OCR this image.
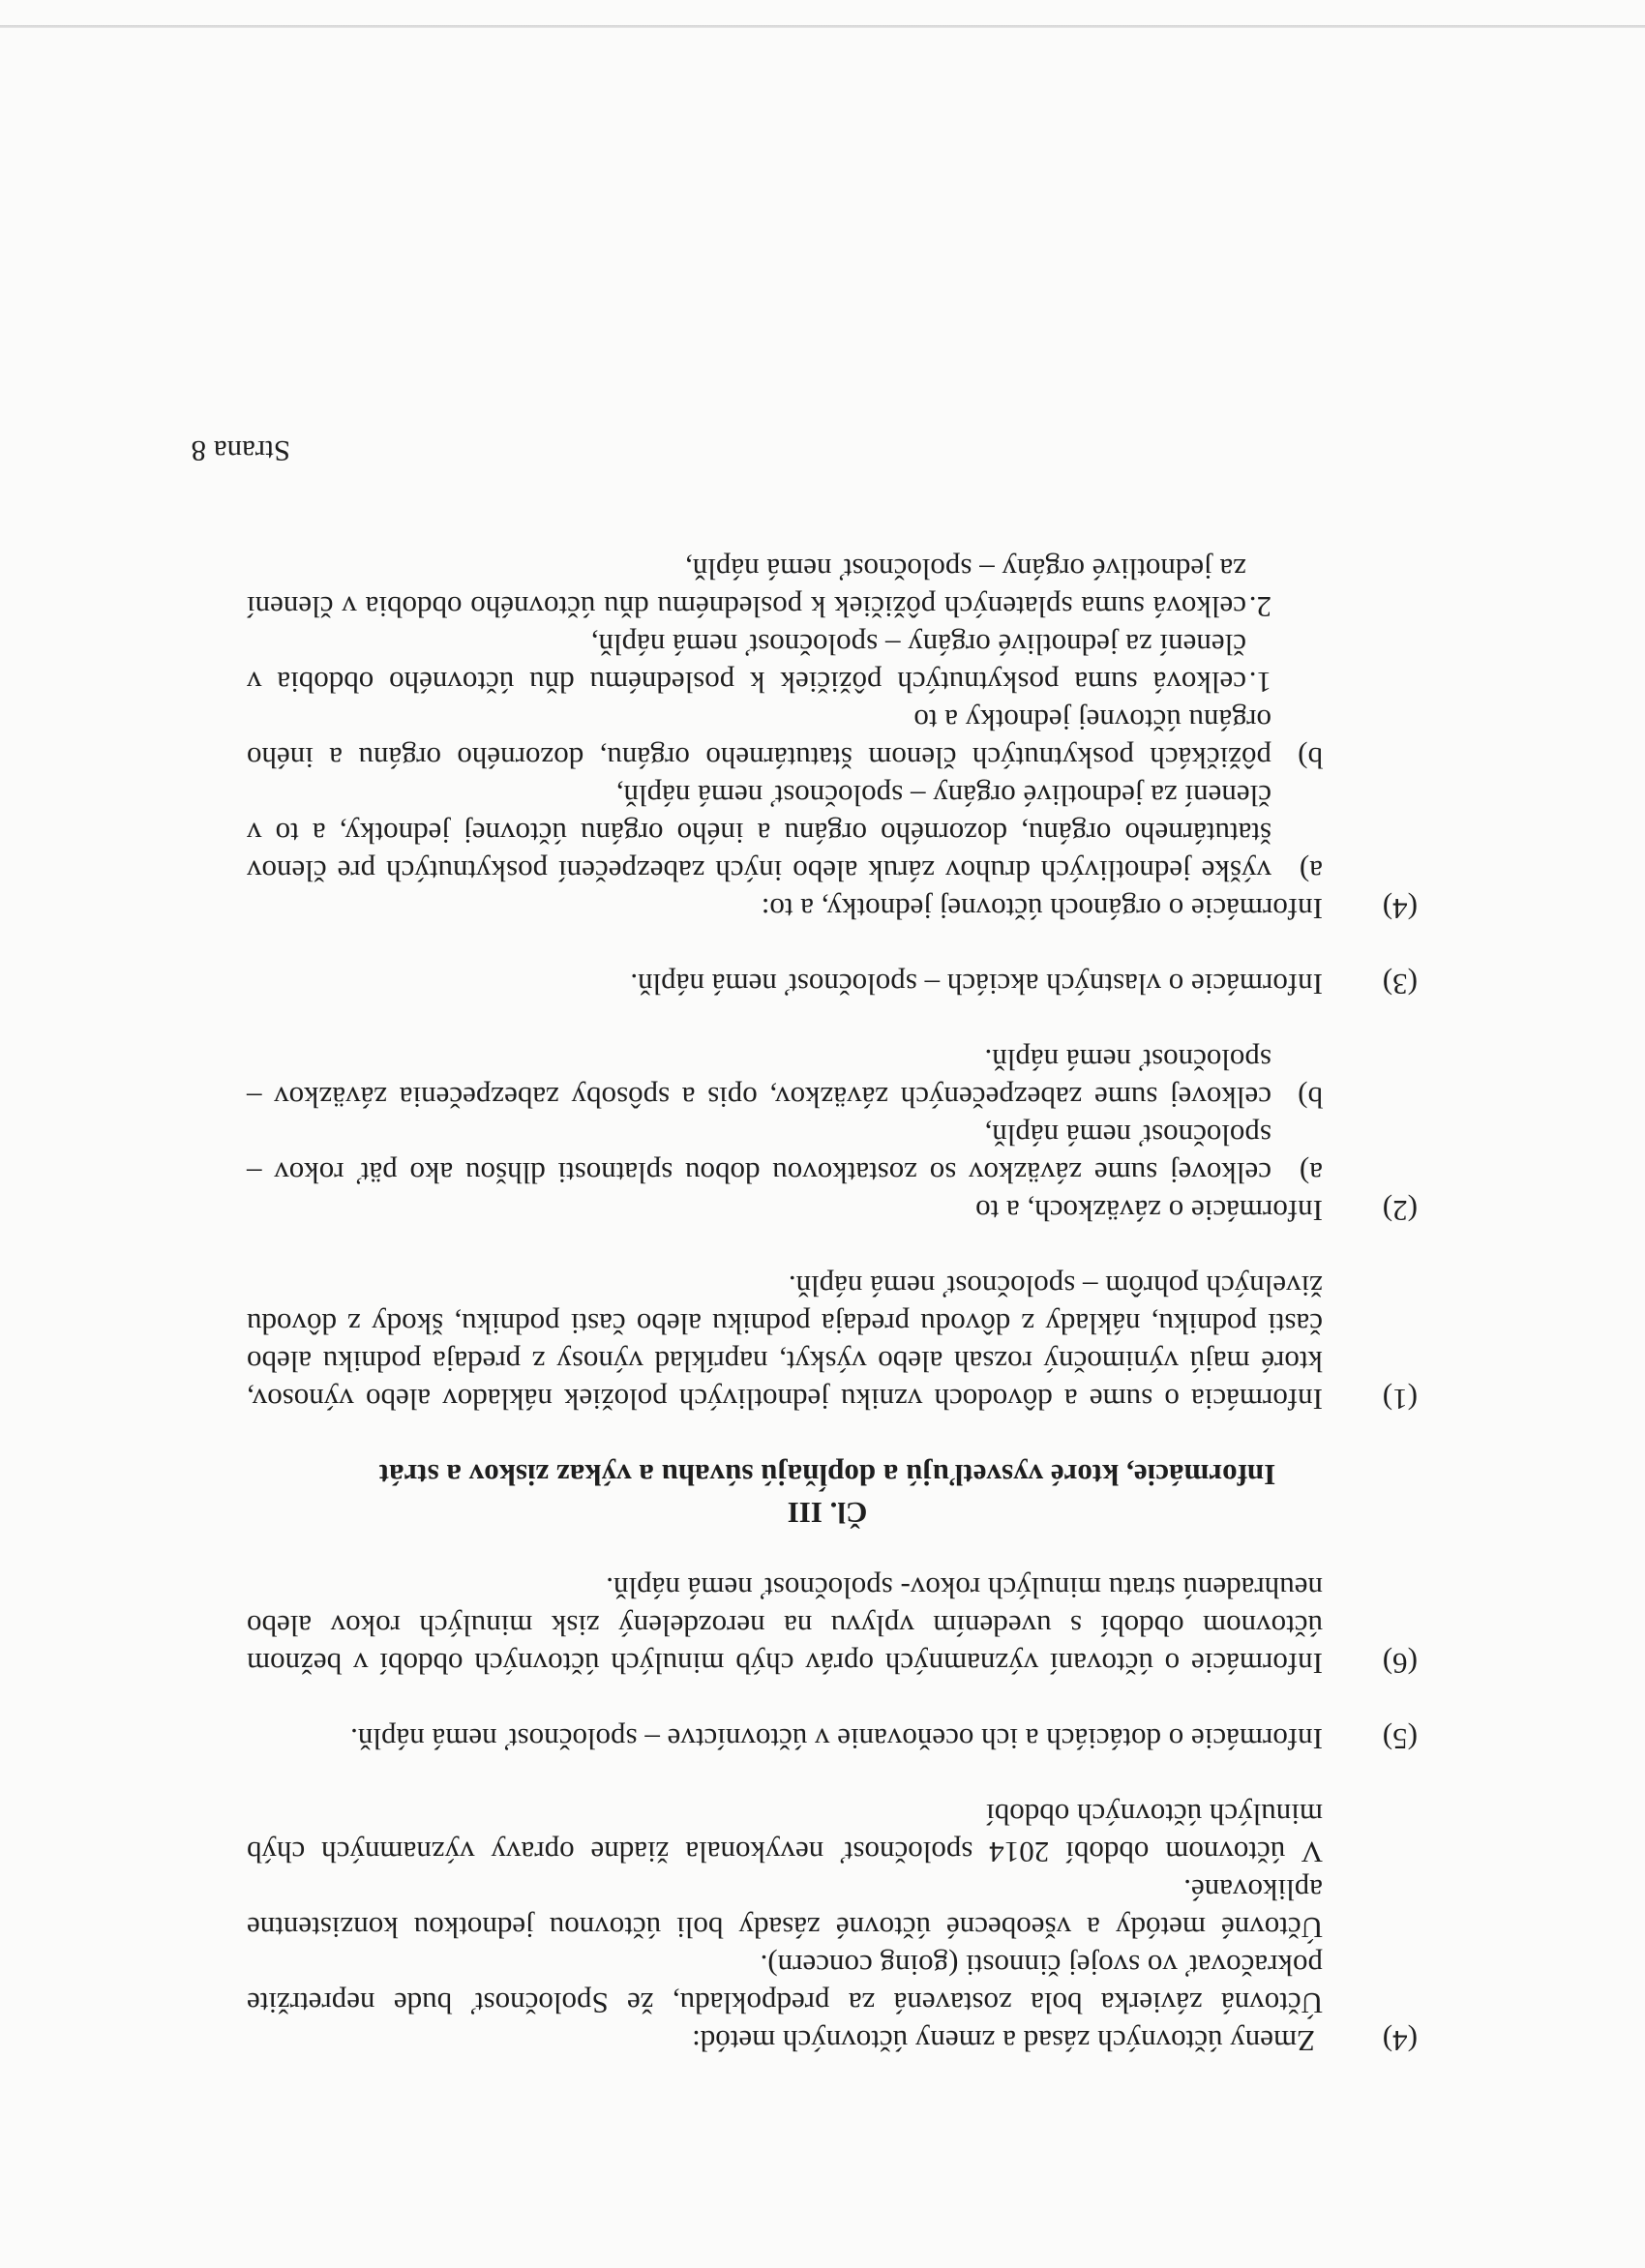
(4)

Zmeny účtovných zásad a zmeny účtovných metód:

Účtovná závierka bola zostavená za predpokladu, že Spoločnosť bude nepretržite pokračovať vo svojej činnosti (going concern).

Účtovné metódy a všeobecné účtovné zásady boli účtovnou jednotkou konzistentne aplikované.

V účtovnom období 2014 spoločnosť nevykonala žiadne opravy významných chýb minulých účtovných období

(5)

Informácie o dotáciách a ich oceňovanie v účtovníctve – spoločnosť nemá náplň.

(6)

Informácie o účtovaní významných opráv chýb minulých účtovných období v bežnom účtovnom období s uvedením vplyvu na nerozdelený zisk minulých rokov alebo neuhradenú stratu minulých rokov- spoločnosť nemá náplň.

Čl. III

Informácie, ktoré vysvetľujú a dopĺňajú súvahu a výkaz ziskov a strát

(1)

Informácia o sume a dôvodoch vzniku jednotlivých položiek nákladov alebo výnosov, ktoré majú výnimočný rozsah alebo výskyt, napríklad výnosy z predaja podniku alebo časti podniku, náklady z dôvodu predaja podniku alebo časti podniku, škody z dôvodu živelných pohrôm – spoločnosť nemá náplň.

(2)

Informácie o záväzkoch, a to

a)

celkovej sume záväzkov so zostatkovou dobou splatnosti dlhšou ako päť rokov – spoločnosť nemá náplň,

b)

celkovej sume zabezpečených záväzkov, opis a spôsoby zabezpečenia záväzkov – spoločnosť nemá náplň.

(3)

Informácie o vlastných akciách – spoločnosť nemá náplň.

(4)

Informácie o orgánoch účtovnej jednotky, a to:

a)

výške jednotlivých druhov záruk alebo iných zabezpečení poskytnutých pre členov štatutárneho orgánu, dozorného orgánu a iného orgánu účtovnej jednotky, a to v členení za jednotlivé orgány – spoločnosť nemá náplň,

b)

pôžičkách poskytnutých členom štatutárneho orgánu, dozorného orgánu a iného orgánu účtovnej jednotky a to

1.

celková suma poskytnutých pôžičiek k poslednému dňu účtovného obdobia v členení za jednotlivé orgány – spoločnosť nemá náplň,

2.

celková suma splatených pôžičiek k poslednému dňu účtovného obdobia v členení za jednotlivé orgány – spoločnosť nemá náplň,

Strana 8
